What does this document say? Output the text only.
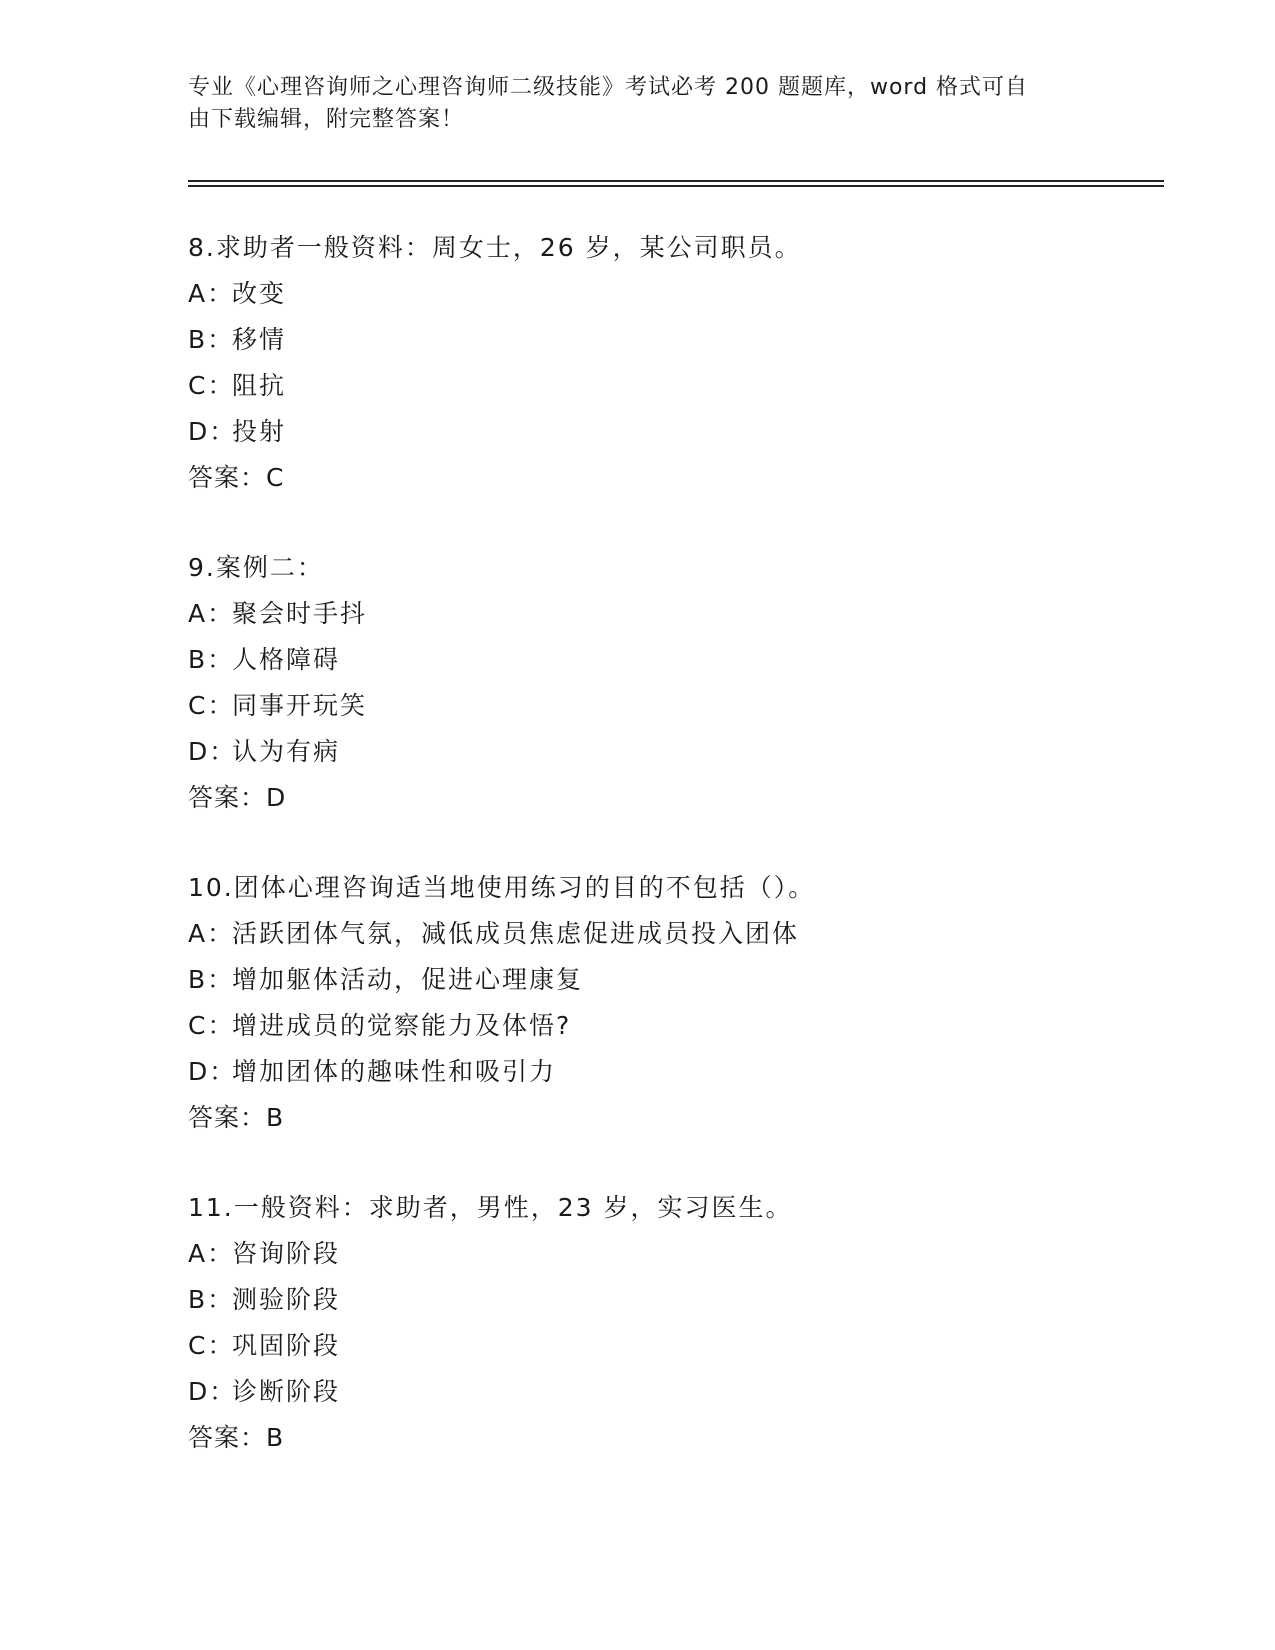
专业《心理咨询师之心理咨询师二级技能》考试必考 200 题题库，word 格式可自
由下载编辑，附完整答案！
8.求助者一般资料：周女士，26 岁，某公司职员。
A：改变
B：移情
C：阻抗
D：投射
答案：C
9.案例二：
A：聚会时手抖
B：人格障碍
C：同事开玩笑
D：认为有病
答案：D
10.团体心理咨询适当地使用练习的目的不包括（）。
A：活跃团体气氛，减低成员焦虑促进成员投入团体
B：增加躯体活动，促进心理康复
C：增进成员的觉察能力及体悟?
D：增加团体的趣味性和吸引力
答案：B
11.一般资料：求助者，男性，23 岁，实习医生。
A：咨询阶段
B：测验阶段
C：巩固阶段
D：诊断阶段
答案：B
